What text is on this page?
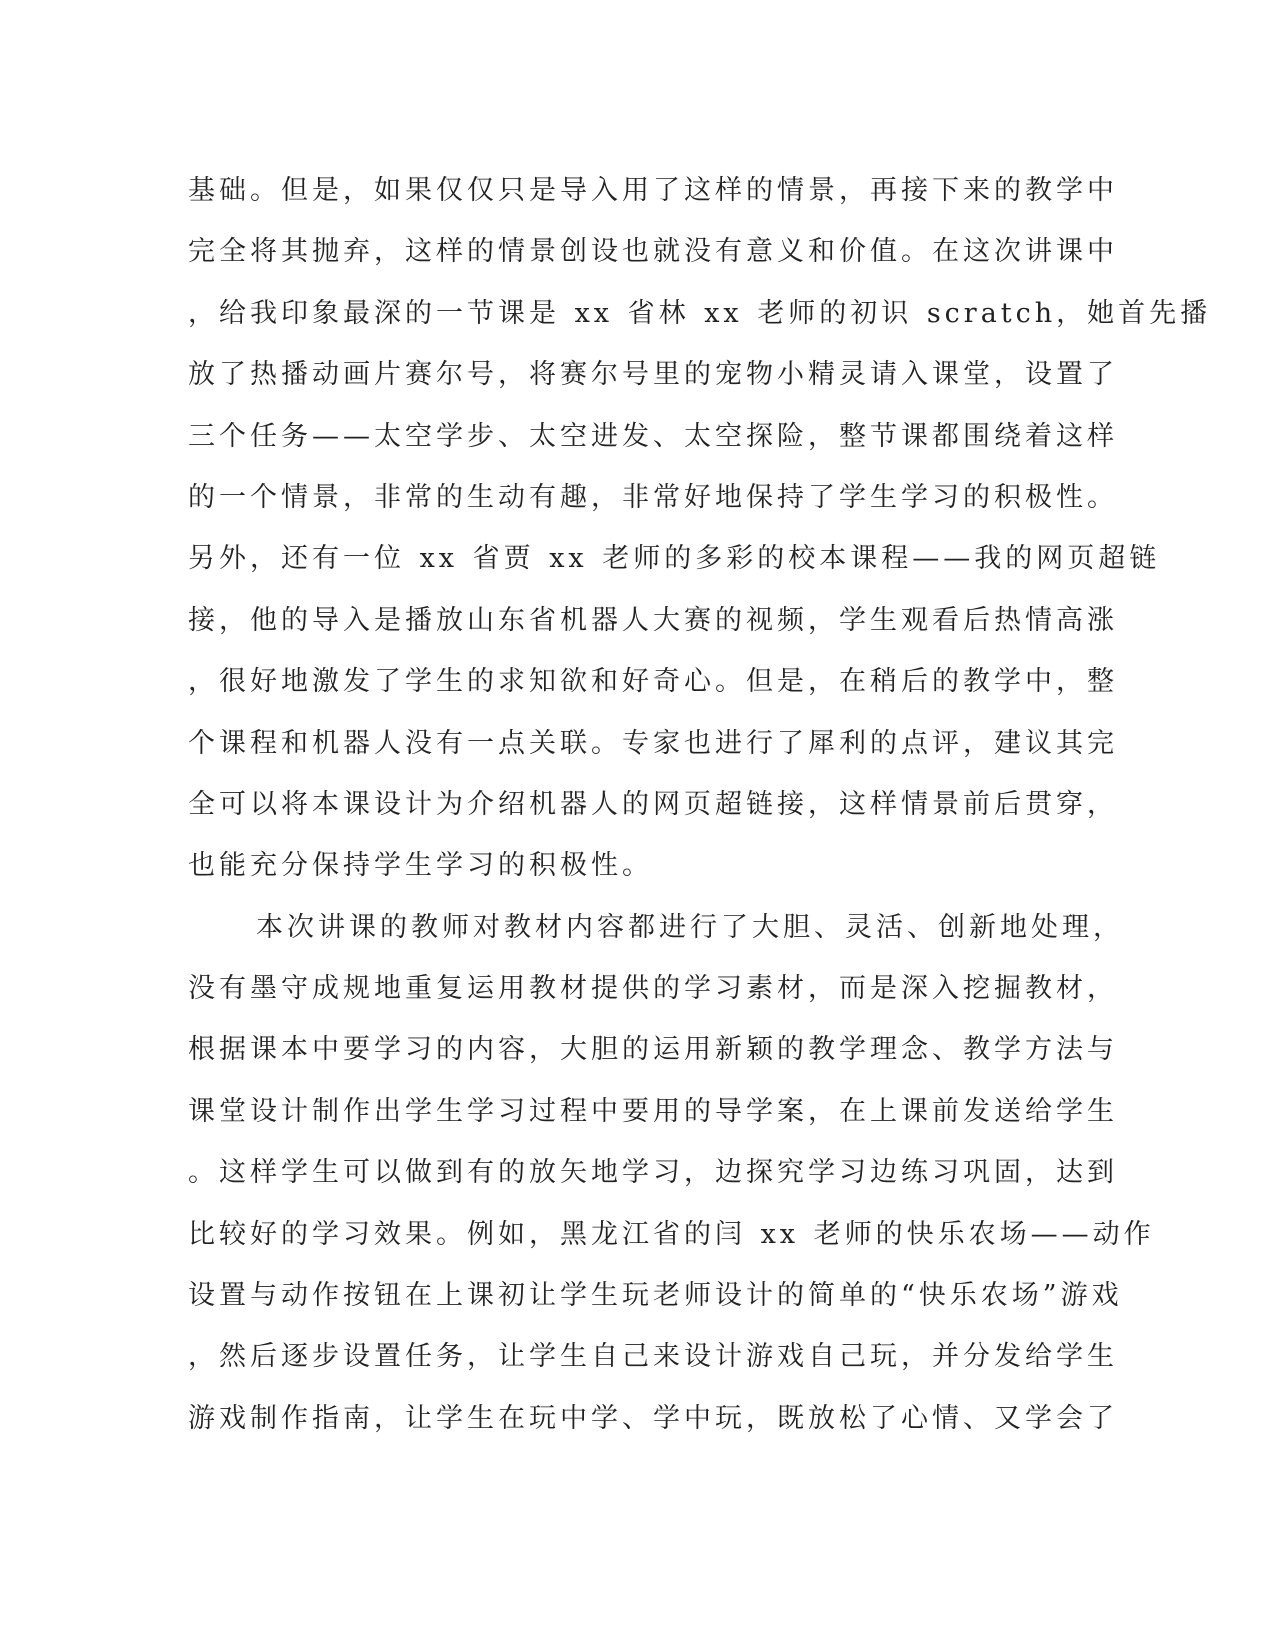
基础。但是，如果仅仅只是导入用了这样的情景，再接下来的教学中
完全将其抛弃，这样的情景创设也就没有意义和价值。在这次讲课中
，给我印象最深的一节课是 xx 省林 xx 老师的初识 scratch，她首先播
放了热播动画片赛尔号，将赛尔号里的宠物小精灵请入课堂，设置了
三个任务——太空学步、太空进发、太空探险，整节课都围绕着这样
的一个情景，非常的生动有趣，非常好地保持了学生学习的积极性。
另外，还有一位 xx 省贾 xx 老师的多彩的校本课程——我的网页超链
接，他的导入是播放山东省机器人大赛的视频，学生观看后热情高涨
，很好地激发了学生的求知欲和好奇心。但是，在稍后的教学中，整
个课程和机器人没有一点关联。专家也进行了犀利的点评，建议其完
全可以将本课设计为介绍机器人的网页超链接，这样情景前后贯穿，
也能充分保持学生学习的积极性。
本次讲课的教师对教材内容都进行了大胆、灵活、创新地处理，
没有墨守成规地重复运用教材提供的学习素材，而是深入挖掘教材，
根据课本中要学习的内容，大胆的运用新颖的教学理念、教学方法与
课堂设计制作出学生学习过程中要用的导学案，在上课前发送给学生
。这样学生可以做到有的放矢地学习，边探究学习边练习巩固，达到
比较好的学习效果。例如，黑龙江省的闫 xx 老师的快乐农场——动作
设置与动作按钮在上课初让学生玩老师设计的简单的“快乐农场”游戏
，然后逐步设置任务，让学生自己来设计游戏自己玩，并分发给学生
游戏制作指南，让学生在玩中学、学中玩，既放松了心情、又学会了
